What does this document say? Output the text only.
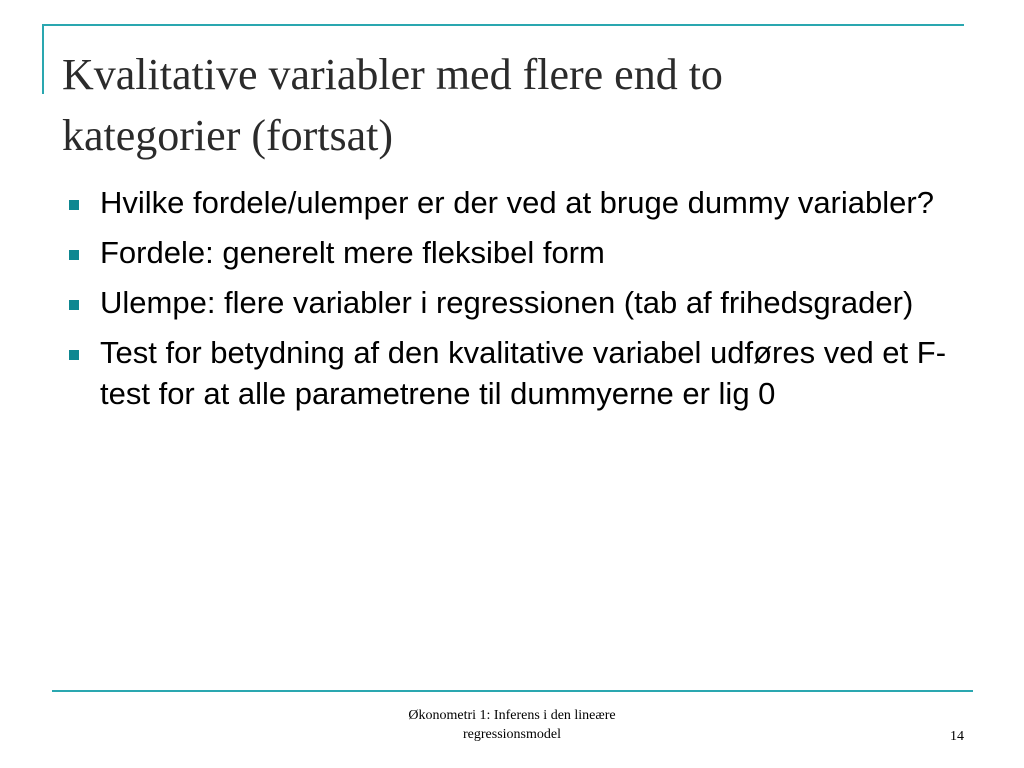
Kvalitative variabler med flere end to
kategorier (fortsat)
Hvilke fordele/ulemper er der ved at bruge dummy variabler?
Fordele: generelt mere fleksibel form
Ulempe: flere variabler i regressionen (tab af frihedsgrader)
Test for betydning af den kvalitative variabel udføres ved et F-test for at alle parametrene til dummyerne er lig 0
Økonometri 1: Inferens i den lineære
regressionsmodel	14
